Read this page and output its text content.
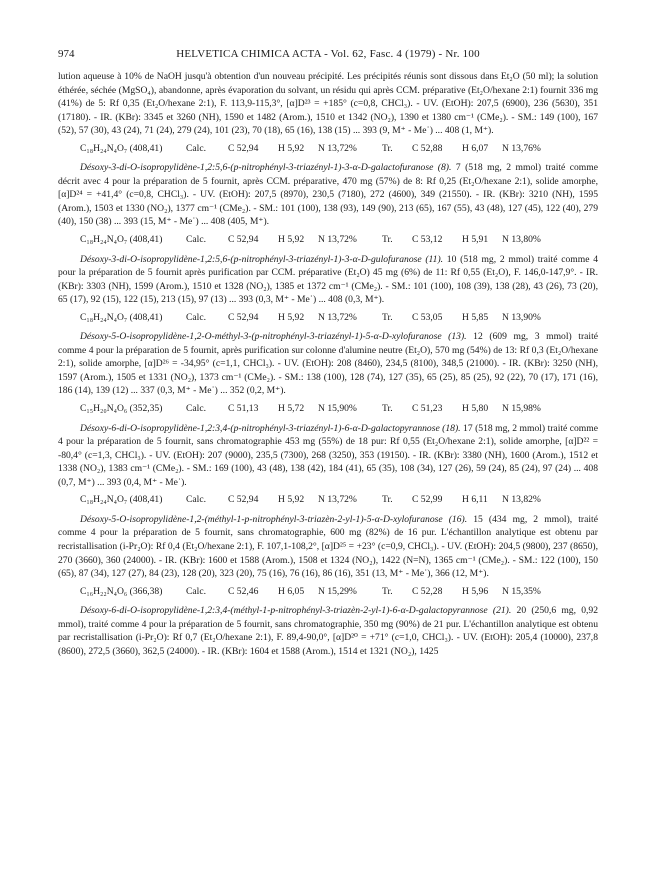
974	HELVETICA CHIMICA ACTA - Vol. 62, Fasc. 4 (1979) - Nr. 100

lution aqueuse à 10% de NaOH jusqu'à obtention d'un nouveau précipité. Les précipités réunis sont dissous dans Et₂O (50 ml); la solution éthérée, séchée (MgSO₄), abandonne, après évaporation du solvant, un résidu qui après CCM. préparative (Et₂O/hexane 2:1) fournit 336 mg (41%) de 5: Rf 0,35 (Et₂O/hexane 2:1), F. 113,9-115,3°, [α]D²³ = +185° (c=0,8, CHCl₃). - UV. (EtOH): 207,5 (6900), 236 (5630), 351 (17180). - IR. (KBr): 3345 et 3260 (NH), 1590 et 1482 (Arom.), 1510 et 1342 (NO₂), 1390 et 1380 cm⁻¹ (CMe₂). - SM.: 149 (100), 167 (52), 57 (30), 43 (24), 71 (24), 279 (24), 101 (23), 70 (18), 65 (16), 138 (15) ... 393 (9, M⁺ - Me˙) ... 408 (1, M⁺).

C₁₈H₂₄N₄O₇ (408,41) Calc. C 52,94 H 5,92 N 13,72%	Tr. C 52,88 H 6,07 N 13,76%

Désoxy-3-di-O-isopropylidène-1,2:5,6-(p-nitrophényl-3-triazényl-1)-3-α-D-galactofuranose (8). 7 (518 mg, 2 mmol) traité comme décrit avec 4 pour la préparation de 5 fournit, après CCM. préparative, 470 mg (57%) de 8: Rf 0,25 (Et₂O/hexane 2:1), solide amorphe, [α]D²⁴ = +41,4° (c=0,8, CHCl₃). - UV. (EtOH): 207,5 (8970), 230,5 (7180), 272 (4600), 349 (21550). - IR. (KBr): 3210 (NH), 1595 (Arom.), 1503 et 1330 (NO₂), 1377 cm⁻¹ (CMe₂). - SM.: 101 (100), 138 (93), 149 (90), 213 (65), 167 (55), 43 (48), 127 (45), 122 (40), 279 (40), 150 (38) ... 393 (15, M⁺ - Me˙) ... 408 (405, M⁺).

C₁₈H₂₄N₄O₇ (408,41) Calc. C 52,94 H 5,92 N 13,72%	Tr. C 53,12 H 5,91 N 13,80%

Désoxy-3-di-O-isopropylidène-1,2:5,6-(p-nitrophényl-3-triazényl-1)-3-α-D-gulofuranose (11). 10 (518 mg, 2 mmol) traité comme 4 pour la préparation de 5 fournit après purification par CCM. préparative (Et₂O) 45 mg (6%) de 11: Rf 0,55 (Et₂O), F. 146,0-147,9°. - IR. (KBr): 3303 (NH), 1599 (Arom.), 1510 et 1328 (NO₂), 1385 et 1372 cm⁻¹ (CMe₂). - SM.: 101 (100), 108 (39), 138 (28), 43 (26), 73 (20), 65 (17), 92 (15), 122 (15), 213 (15), 97 (13) ... 393 (0,3, M⁺ - Me˙) ... 408 (0,3, M⁺).

C₁₈H₂₄N₄O₇ (408,41) Calc. C 52,94 H 5,92 N 13,72%	Tr. C 53,05 H 5,85 N 13,90%

Désoxy-5-O-isopropylidène-1,2-O-méthyl-3-(p-nitrophényl-3-triazényl-1)-5-α-D-xylofuranose (13). 12 (609 mg, 3 mmol) traité comme 4 pour la préparation de 5 fournit, après purification sur colonne d'alumine neutre (Et₂O), 570 mg (54%) de 13: Rf 0,3 (Et₂O/hexane 2:1), solide amorphe, [α]D²⁶ = -34,95° (c=1,1, CHCl₃). - UV. (EtOH): 208 (8460), 234,5 (8100), 348,5 (21000). - IR. (KBr): 3250 (NH), 1597 (Arom.), 1505 et 1331 (NO₂), 1373 cm⁻¹ (CMe₂). - SM.: 138 (100), 128 (74), 127 (35), 65 (25), 85 (25), 92 (22), 70 (17), 171 (16), 186 (14), 139 (12) ... 337 (0,3, M⁺ - Me˙) ... 352 (0,2, M⁺).

C₁₅H₂₀N₄O₆ (352,35) Calc. C 51,13 H 5,72 N 15,90%	Tr. C 51,23 H 5,80 N 15,98%

Désoxy-6-di-O-isopropylidène-1,2:3,4-(p-nitrophényl-3-triazényl-1)-6-α-D-galactopyrannose (18). 17 (518 mg, 2 mmol) traité comme 4 pour la préparation de 5 fournit, sans chromatographie 453 mg (55%) de 18 pur: Rf 0,55 (Et₂O/hexane 2:1), solide amorphe, [α]D²² = -80,4° (c=1,3, CHCl₃). - UV. (EtOH): 207 (9000), 235,5 (7300), 268 (3250), 353 (19150). - IR. (KBr): 3380 (NH), 1600 (Arom.), 1512 et 1338 (NO₂), 1383 cm⁻¹ (CMe₂). - SM.: 169 (100), 43 (48), 138 (42), 184 (41), 65 (35), 108 (34), 127 (26), 59 (24), 85 (24), 97 (24) ... 408 (0,7, M⁺) ... 393 (0,4, M⁺ - Me˙).

C₁₈H₂₄N₄O₇ (408,41) Calc. C 52,94 H 5,92 N 13,72%	Tr. C 52,99 H 6,11 N 13,82%

Désoxy-5-O-isopropylidène-1,2-(méthyl-1-p-nitrophényl-3-triazèn-2-yl-1)-5-α-D-xylofuranose (16). 15 (434 mg, 2 mmol), traité comme 4 pour la préparation de 5 fournit, sans chromatographie, 600 mg (82%) de 16 pur. L'échantillon analytique est obtenu par recristallisation (i-Pr₂O): Rf 0,4 (Et₂O/hexane 2:1), F. 107,1-108,2°, [α]D²⁵ = +23° (c=0,9, CHCl₃). - UV. (EtOH): 204,5 (9800), 237 (8650), 270 (3660), 360 (24000). - IR. (KBr): 1600 et 1588 (Arom.), 1508 et 1324 (NO₂), 1422 (N=N), 1365 cm⁻¹ (CMe₂). - SM.: 122 (100), 150 (65), 87 (34), 127 (27), 84 (23), 128 (20), 323 (20), 75 (16), 76 (16), 86 (16), 351 (13, M⁺ - Me˙), 366 (12, M⁺).

C₁₆H₂₂N₄O₆ (366,38) Calc. C 52,46 H 6,05 N 15,29%	Tr. C 52,28 H 5,96 N 15,35%

Désoxy-6-di-O-isopropylidène-1,2:3,4-(méthyl-1-p-nitrophényl-3-triazèn-2-yl-1)-6-α-D-galactopyrannose (21). 20 (250,6 mg, 0,92 mmol), traité comme 4 pour la préparation de 5 fournit, sans chromatographie, 350 mg (90%) de 21 pur. L'échantillon analytique est obtenu par recristallisation (i-Pr₂O): Rf 0,7 (Et₂O/hexane 2:1), F. 89,4-90,0°, [α]D²⁰ = +71° (c=1,0, CHCl₃). - UV. (EtOH): 205,4 (10000), 237,8 (8600), 272,5 (3660), 362,5 (24000). - IR. (KBr): 1604 et 1588 (Arom.), 1514 et 1321 (NO₂), 1425
